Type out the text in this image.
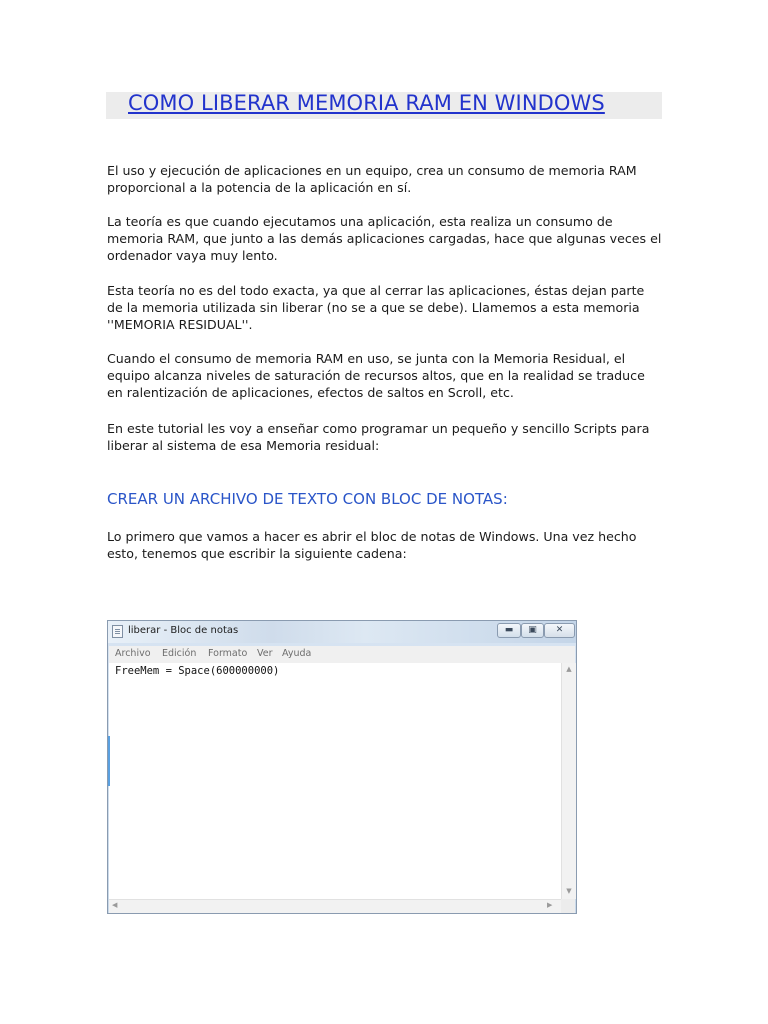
COMO LIBERAR MEMORIA RAM EN WINDOWS

El uso y ejecución de aplicaciones en un equipo, crea un consumo de memoria RAM
proporcional a la potencia de la aplicación en sí.

La teoría es que cuando ejecutamos una aplicación, esta realiza un consumo de
memoria RAM, que junto a las demás aplicaciones cargadas, hace que algunas veces el
ordenador vaya muy lento.

Esta teoría no es del todo exacta, ya que al cerrar las aplicaciones, éstas dejan parte
de la memoria utilizada sin liberar (no se a que se debe). Llamemos a esta memoria
''MEMORIA RESIDUAL''.

Cuando el consumo de memoria RAM en uso, se junta con la Memoria Residual, el
equipo alcanza niveles de saturación de recursos altos, que en la realidad se traduce
en ralentización de aplicaciones, efectos de saltos en Scroll, etc.

En este tutorial les voy a enseñar como programar un pequeño y sencillo Scripts para
liberar al sistema de esa Memoria residual:

CREAR UN ARCHIVO DE TEXTO CON BLOC DE NOTAS:

Lo primero que vamos a hacer es abrir el bloc de notas de Windows. Una vez hecho
esto, tenemos que escribir la siguiente cadena:

liberar - Bloc de notas	▬	▣	✕
Archivo Edición Formato Ver Ayuda
FreeMem = Space(600000000)	▲
▼
◀	▶
